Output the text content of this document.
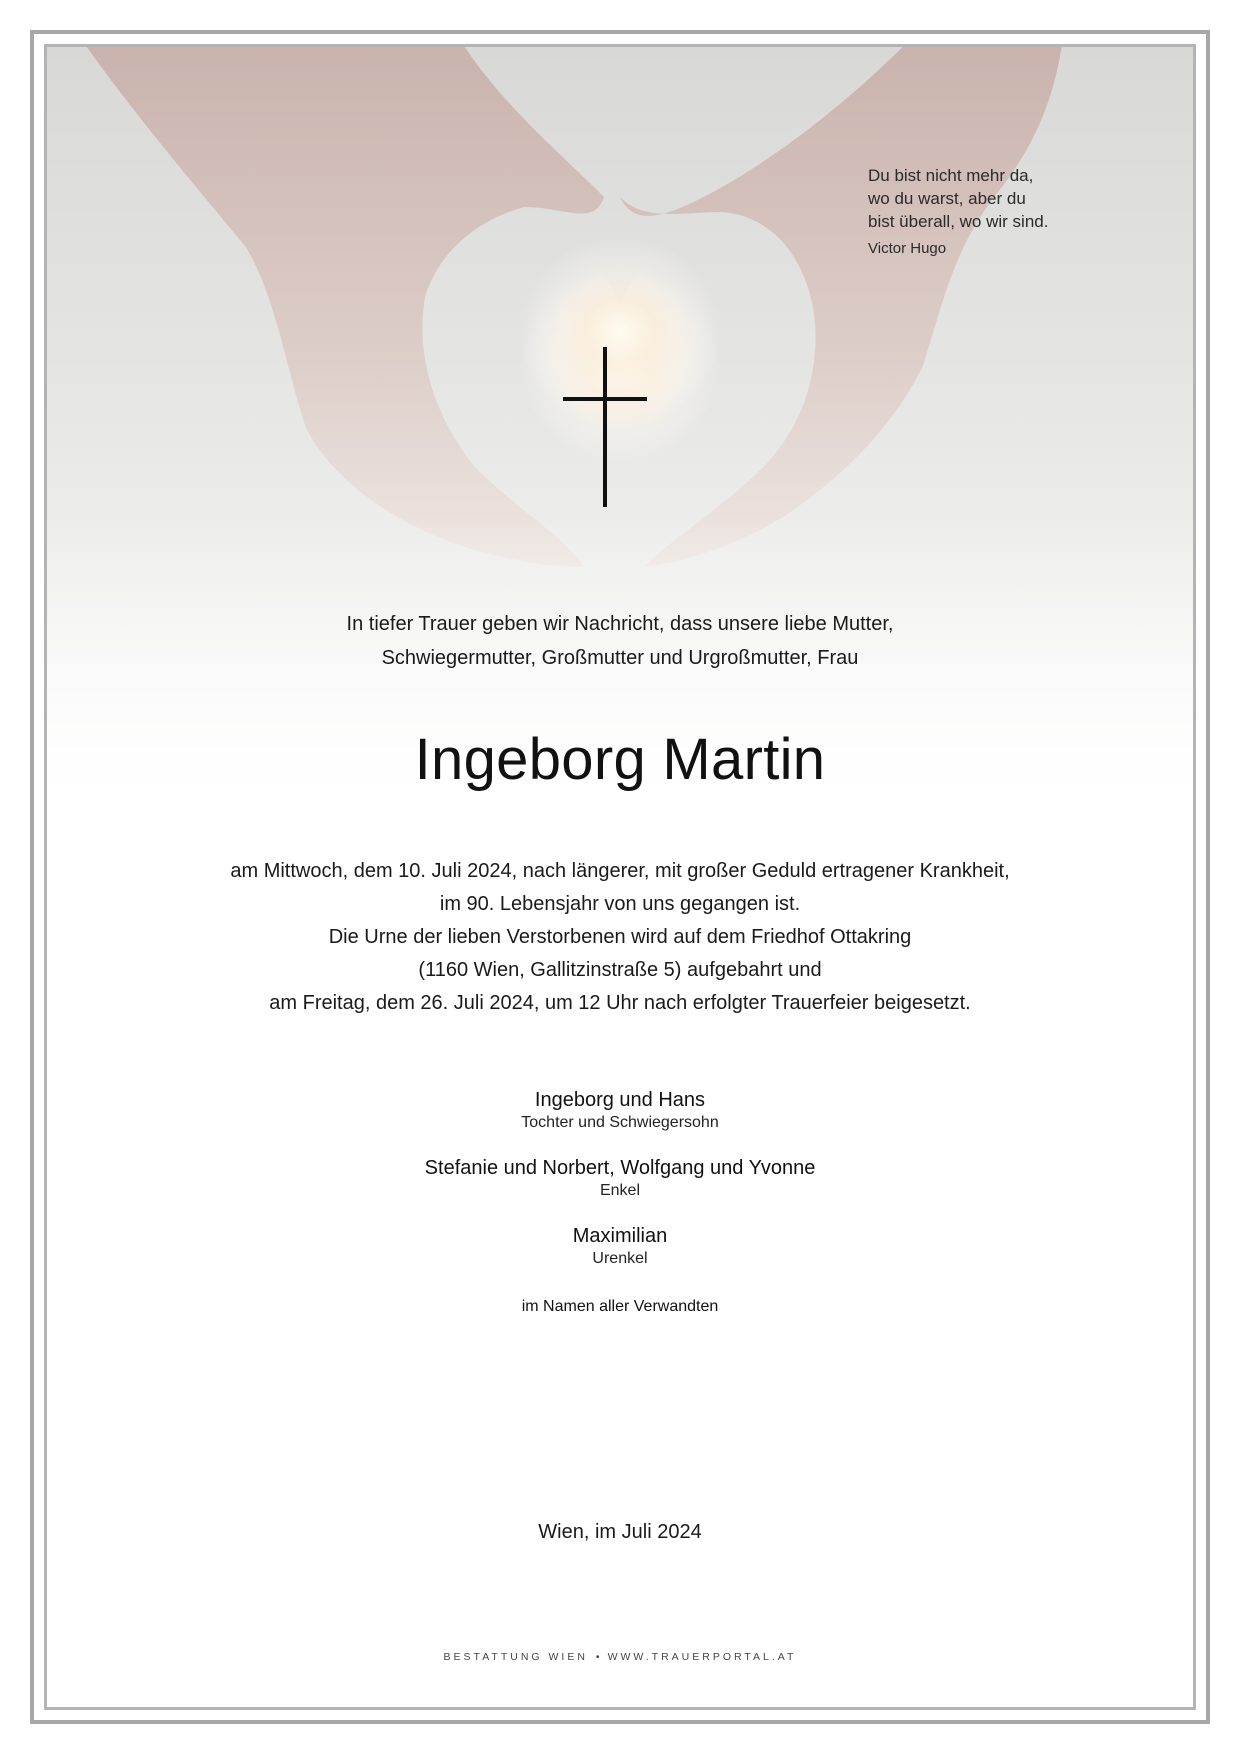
Du bist nicht mehr da,
wo du warst, aber du
bist überall, wo wir sind.
Victor Hugo
In tiefer Trauer geben wir Nachricht, dass unsere liebe Mutter,
Schwiegermutter, Großmutter und Urgroßmutter, Frau
Ingeborg Martin
am Mittwoch, dem 10. Juli 2024, nach längerer, mit großer Geduld ertragener Krankheit,
im 90. Lebensjahr von uns gegangen ist.
Die Urne der lieben Verstorbenen wird auf dem Friedhof Ottakring
(1160 Wien, Gallitzinstraße 5) aufgebahrt und
am Freitag, dem 26. Juli 2024, um 12 Uhr nach erfolgter Trauerfeier beigesetzt.
Ingeborg und Hans
Tochter und Schwiegersohn
Stefanie und Norbert, Wolfgang und Yvonne
Enkel
Maximilian
Urenkel
im Namen aller Verwandten
Wien, im Juli 2024
BESTATTUNG WIEN • WWW.TRAUERPORTAL.AT
